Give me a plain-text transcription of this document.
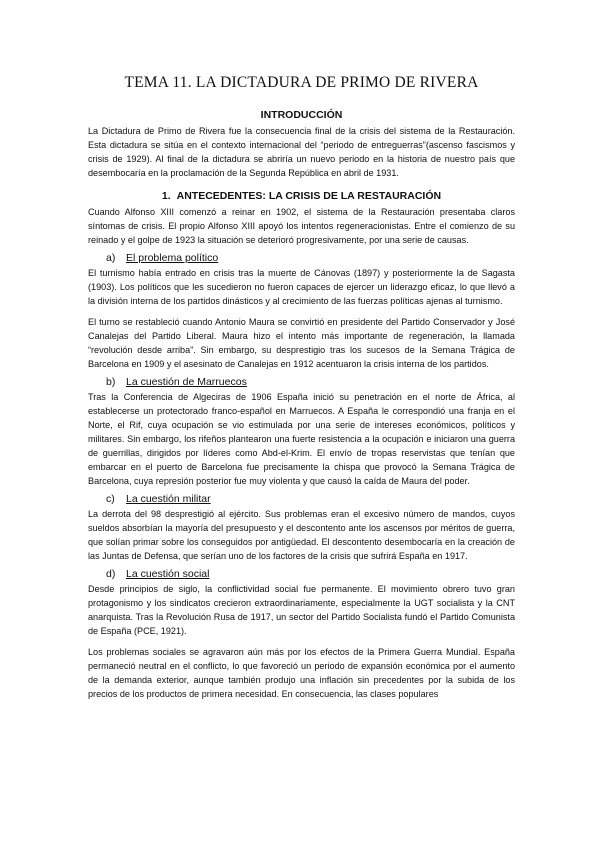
TEMA 11. LA DICTADURA DE PRIMO DE RIVERA
INTRODUCCIÓN

La Dictadura de Primo de Rivera fue la consecuencia final de la crisis del sistema de la Restauración. Esta dictadura se sitúa en el contexto internacional del “periodo de entreguerras”(ascenso fascismos y crisis de 1929). Al final de la dictadura se abriría un nuevo periodo en la historia de nuestro país que desembocaría en la proclamación de la Segunda República en abril de 1931.

1. ANTECEDENTES: LA CRISIS DE LA RESTAURACIÓN

Cuando Alfonso XIII comenzó a reinar en 1902, el sistema de la Restauración presentaba claros síntomas de crisis. El propio Alfonso XIII apoyó los intentos regeneracionistas. Entre el comienzo de su reinado y el golpe de 1923 la situación se deterioró progresivamente, por una serie de causas.

a) El problema político

El turnismo había entrado en crisis tras la muerte de Cánovas (1897) y posteriormente la de Sagasta (1903). Los políticos que les sucedieron no fueron capaces de ejercer un liderazgo eficaz, lo que llevó a la división interna de los partidos dinásticos y al crecimiento de las fuerzas políticas ajenas al turnismo.

El turno se restableció cuando Antonio Maura se convirtió en presidente del Partido Conservador y José Canalejas del Partido Liberal. Maura hizo el intento más importante de regeneración, la llamada “revolución desde arriba”. Sin embargo, su desprestigio tras los sucesos de la Semana Trágica de Barcelona en 1909 y el asesinato de Canalejas en 1912 acentuaron la crisis interna de los partidos.

b) La cuestión de Marruecos

Tras la Conferencia de Algeciras de 1906 España inició su penetración en el norte de África, al establecerse un protectorado franco-español en Marruecos. A España le correspondió una franja en el Norte, el Rif, cuya ocupación se vio estimulada por una serie de intereses económicos, políticos y militares. Sin embargo, los rifeños plantearon una fuerte resistencia a la ocupación e iniciaron una guerra de guerrillas, dirigidos por líderes como Abd-el-Krim. El envío de tropas reservistas que tenían que embarcar en el puerto de Barcelona fue precisamente la chispa que provocó la Semana Trágica de Barcelona, cuya represión posterior fue muy violenta y que causó la caída de Maura del poder.

c) La cuestión militar

La derrota del 98 desprestigió al ejército. Sus problemas eran el excesivo número de mandos, cuyos sueldos absorbían la mayoría del presupuesto y el descontento ante los ascensos por méritos de guerra, que solían primar sobre los conseguidos por antigüedad. El descontento desembocaría en la creación de las Juntas de Defensa, que serían uno de los factores de la crisis que sufrirá España en 1917.

d) La cuestión social

Desde principios de siglo, la conflictividad social fue permanente. El movimiento obrero tuvo gran protagonismo y los sindicatos crecieron extraordinariamente, especialmente la UGT socialista y la CNT anarquista. Tras la Revolución Rusa de 1917, un sector del Partido Socialista fundó el Partido Comunista de España (PCE, 1921).

Los problemas sociales se agravaron aún más por los efectos de la Primera Guerra Mundial. España permaneció neutral en el conflicto, lo que favoreció un periodo de expansión económica por el aumento de la demanda exterior, aunque también produjo una inflación sin precedentes por la subida de los precios de los productos de primera necesidad. En consecuencia, las clases populares
